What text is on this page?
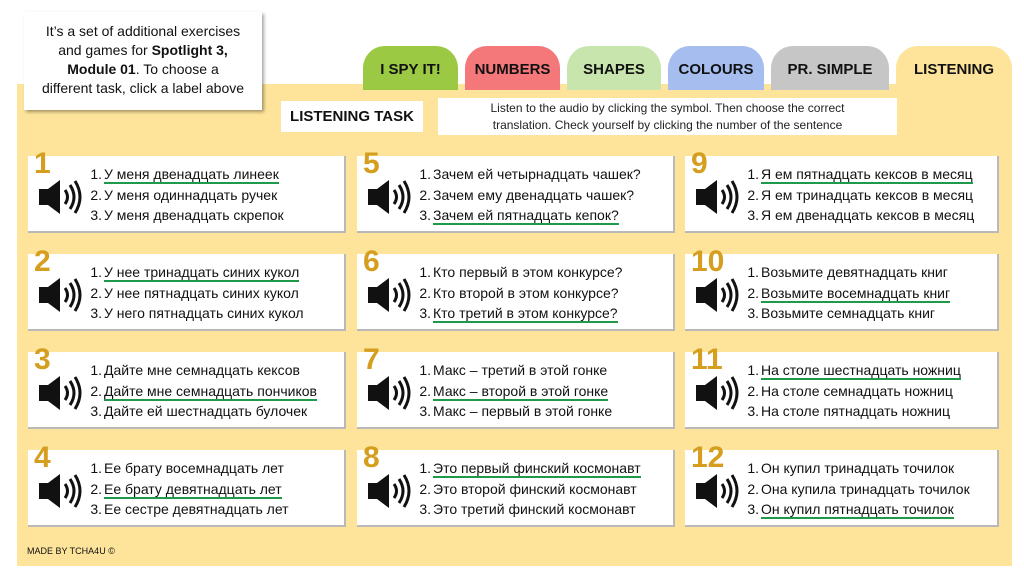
It’s a set of additional exercises
and games for Spotlight 3,
Module 01. To choose a
different task, click a label above
I SPY IT! NUMBERS SHAPES COLOURS PR. SIMPLE	LISTENING
LISTENING TASK	Listen to the audio by clicking the symbol. Then choose the correct
translation. Check yourself by clicking the number of the sentence
1	1. У меня двенадцать линеек
2. У меня одиннадцать ручек
3. У меня двенадцать скрепок
5	1. Зачем ей четырнадцать чашек?
2. Зачем ему двенадцать чашек?
3. Зачем ей пятнадцать кепок?
9	1. Я ем пятнадцать кексов в месяц
2. Я ем тринадцать кексов в месяц
3. Я ем двенадцать кексов в месяц
2	1. У нее тринадцать синих кукол
2. У нее пятнадцать синих кукол
3. У него пятнадцать синих кукол
6	1. Кто первый в этом конкурсе?
2. Кто второй в этом конкурсе?
3. Кто третий в этом конкурсе?
10 1. Возьмите девятнадцать книг
2. Возьмите восемнадцать книг
3. Возьмите семнадцать книг
3	1. Дайте мне семнадцать кексов
2. Дайте мне семнадцать пончиков
3. Дайте ей шестнадцать булочек
7	1. Макс – третий в этой гонке
2. Макс – второй в этой гонке
3. Макс – первый в этой гонке
11 1. На столе шестнадцать ножниц
2. На столе семнадцать ножниц
3. На столе пятнадцать ножниц
4	1. Ее брату восемнадцать лет
2. Ее брату девятнадцать лет
3. Ее сестре девятнадцать лет
8	1. Это первый финский космонавт
2. Это второй финский космонавт
3. Это третий финский космонавт
12 1. Он купил тринадцать точилок
2. Она купила тринадцать точилок
3. Он купил пятнадцать точилок
MADE BY TCHA4U ©
